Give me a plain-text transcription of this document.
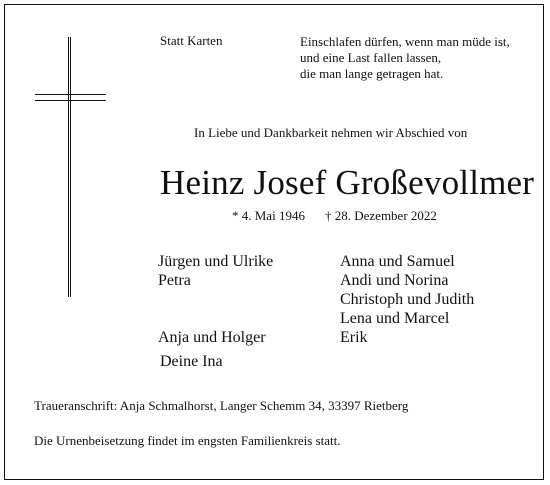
Statt Karten	Einschlafen dürfen, wenn man müde ist,
und eine Last fallen lassen,
die man lange getragen hat.
In Liebe und Dankbarkeit nehmen wir Abschied von
Heinz Josef Großevollmer
* 4. Mai 1946 † 28. Dezember 2022
Jürgen und Ulrike
Petra
Anja und Holger
Anna und Samuel
Andi und Norina
Christoph und Judith
Lena und Marcel
Erik
Deine Ina
Traueranschrift: Anja Schmalhorst, Langer Schemm 34, 33397 Rietberg
Die Urnenbeisetzung findet im engsten Familienkreis statt.
